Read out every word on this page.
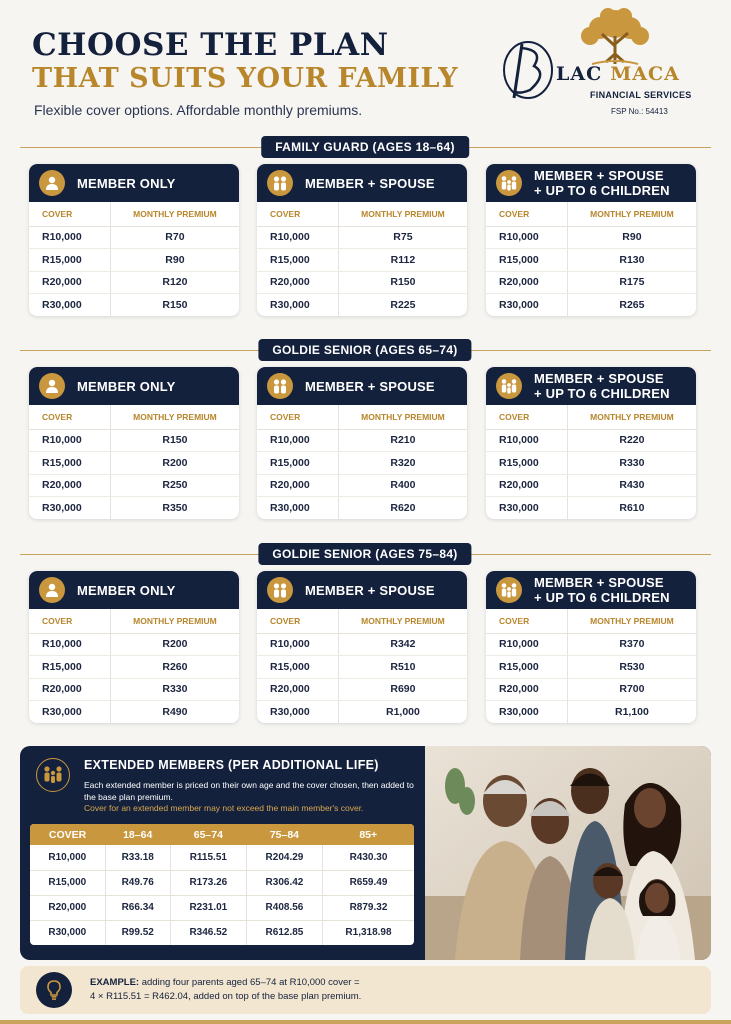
CHOOSE THE PLAN
THAT SUITS YOUR FAMILY
Flexible cover options. Affordable monthly premiums.
LAC MACA
FINANCIAL SERVICES
FSP No.: 54413
FAMILY GUARD (AGES 18–64)
MEMBER ONLY
COVER	MONTHLY PREMIUM
R10,000	R70
R15,000	R90
R20,000	R120
R30,000	R150
MEMBER + SPOUSE
COVER	MONTHLY PREMIUM
R10,000	R75
R15,000	R112
R20,000	R150
R30,000	R225
MEMBER + SPOUSE
+ UP TO 6 CHILDREN
COVER	MONTHLY PREMIUM
R10,000	R90
R15,000	R130
R20,000	R175
R30,000	R265
GOLDIE SENIOR (AGES 65–74)
MEMBER ONLY
COVER	MONTHLY PREMIUM
R10,000	R150
R15,000	R200
R20,000	R250
R30,000	R350
MEMBER + SPOUSE
COVER	MONTHLY PREMIUM
R10,000	R210
R15,000	R320
R20,000	R400
R30,000	R620
MEMBER + SPOUSE
+ UP TO 6 CHILDREN
COVER	MONTHLY PREMIUM
R10,000	R220
R15,000	R330
R20,000	R430
R30,000	R610
GOLDIE SENIOR (AGES 75–84)
MEMBER ONLY
COVER	MONTHLY PREMIUM
R10,000	R200
R15,000	R260
R20,000	R330
R30,000	R490
MEMBER + SPOUSE
COVER	MONTHLY PREMIUM
R10,000	R342
R15,000	R510
R20,000	R690
R30,000	R1,000
MEMBER + SPOUSE
+ UP TO 6 CHILDREN
COVER	MONTHLY PREMIUM
R10,000	R370
R15,000	R530
R20,000	R700
R30,000	R1,100
EXTENDED MEMBERS (PER ADDITIONAL LIFE)
Each extended member is priced on their own age and the cover chosen, then added to the base plan premium.
Cover for an extended member may not exceed the main member's cover.
COVER	18–64	65–74	75–84	85+
R10,000	R33.18	R115.51	R204.29	R430.30
R15,000	R49.76	R173.26	R306.42	R659.49
R20,000	R66.34	R231.01	R408.56	R879.32
R30,000	R99.52	R346.52	R612.85	R1,318.98
EXAMPLE: adding four parents aged 65–74 at R10,000 cover =
4 × R115.51 = R462.04, added on top of the base plan premium.
